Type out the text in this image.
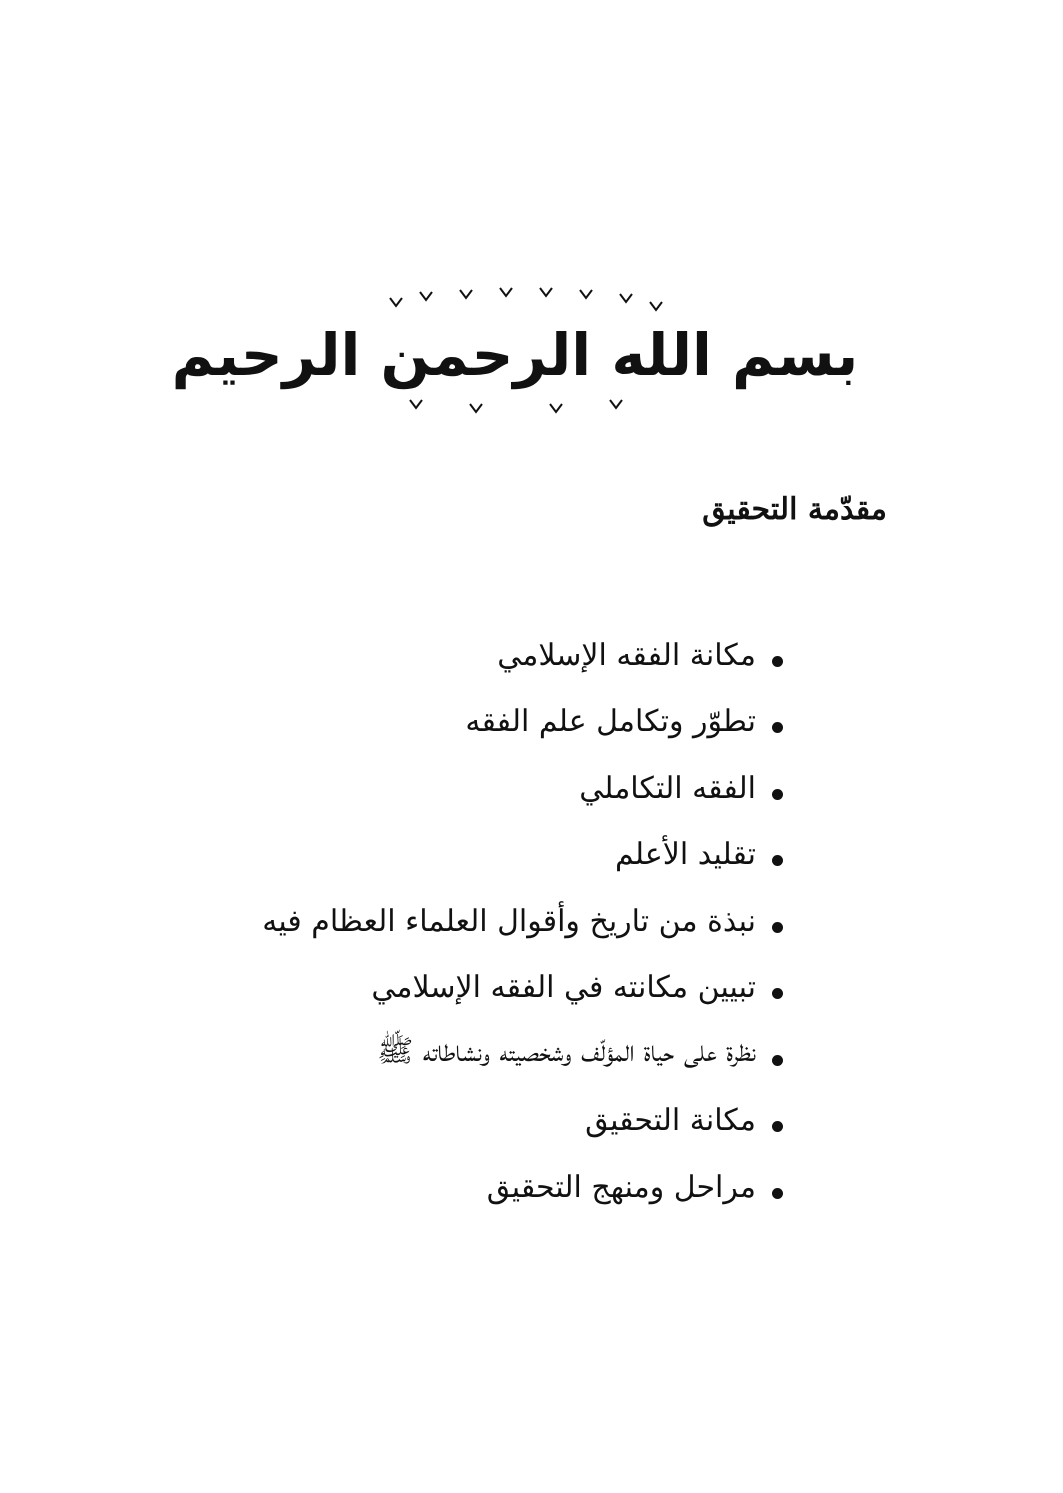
بسم الله الرحمن الرحيم
مقدّمة التحقيق
مكانة الفقه الإسلامي
تطوّر وتكامل علم الفقه
الفقه التكاملي
تقليد الأعلم
نبذة من تاريخ وأقوال العلماء العظام فيه
تبيين مكانته في الفقه الإسلامي
نظرة على حياة المؤلّف وشخصيته ونشاطاته ﷺ
مكانة التحقيق
مراحل ومنهج التحقيق
